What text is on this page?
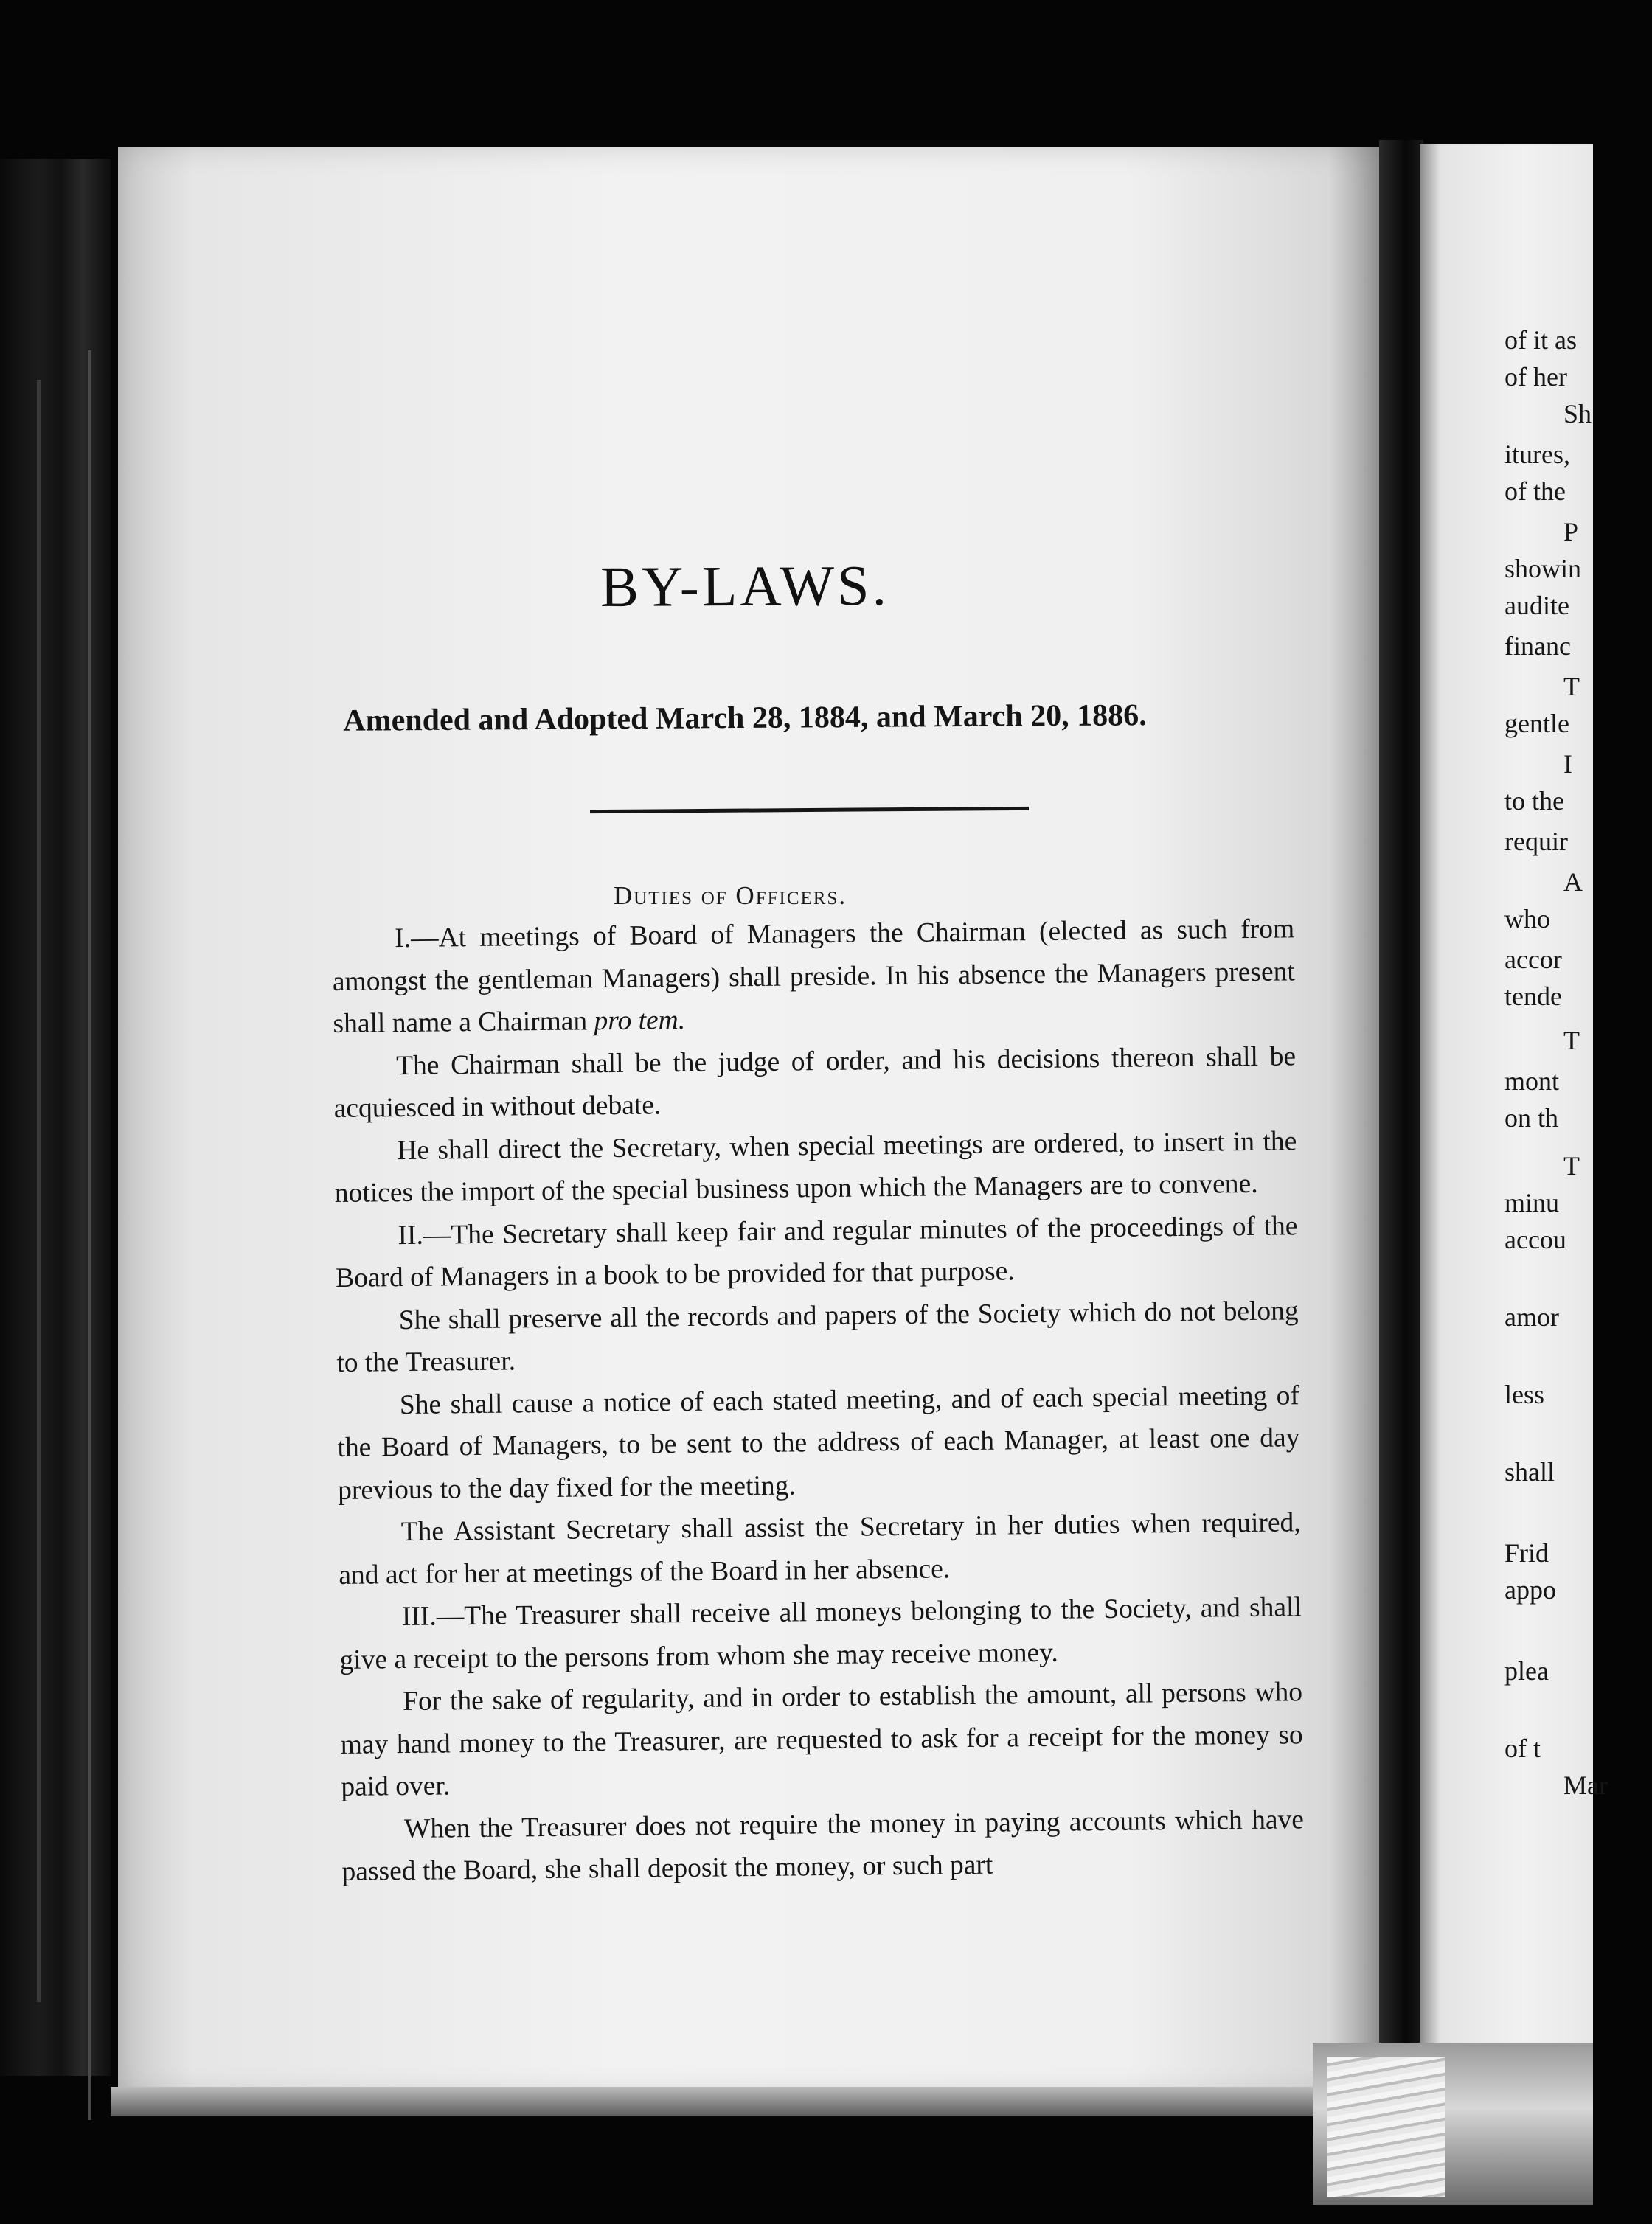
BY-LAWS.
Amended and Adopted March 28, 1884, and March 20, 1886.
Duties of Officers.

I.—At meetings of Board of Managers the Chairman (elected as such from amongst the gentleman Managers) shall preside. In his absence the Managers present shall name a Chairman pro tem.

The Chairman shall be the judge of order, and his decisions thereon shall be acquiesced in without debate.

He shall direct the Secretary, when special meetings are ordered, to insert in the notices the import of the special business upon which the Managers are to convene.

II.—The Secretary shall keep fair and regular minutes of the proceedings of the Board of Managers in a book to be provided for that purpose.

She shall preserve all the records and papers of the Society which do not belong to the Treasurer.

She shall cause a notice of each stated meeting, and of each special meeting of the Board of Managers, to be sent to the address of each Manager, at least one day previous to the day fixed for the meeting.

The Assistant Secretary shall assist the Secretary in her duties when required, and act for her at meetings of the Board in her absence.

III.—The Treasurer shall receive all moneys belonging to the Society, and shall give a receipt to the persons from whom she may receive money.

For the sake of regularity, and in order to establish the amount, all persons who may hand money to the Treasurer, are requested to ask for a receipt for the money so paid over.

When the Treasurer does not require the money in paying accounts which have passed the Board, she shall deposit the money, or such part

of it as
of her
Sh
itures,
of the
P
showin
audite
financ
T
gentle
I
to the
requir
A
who
accor
tende
T
mont
on th
T
minu
accou
amor
less
shall
Frid
appo
plea
of t
Mar
